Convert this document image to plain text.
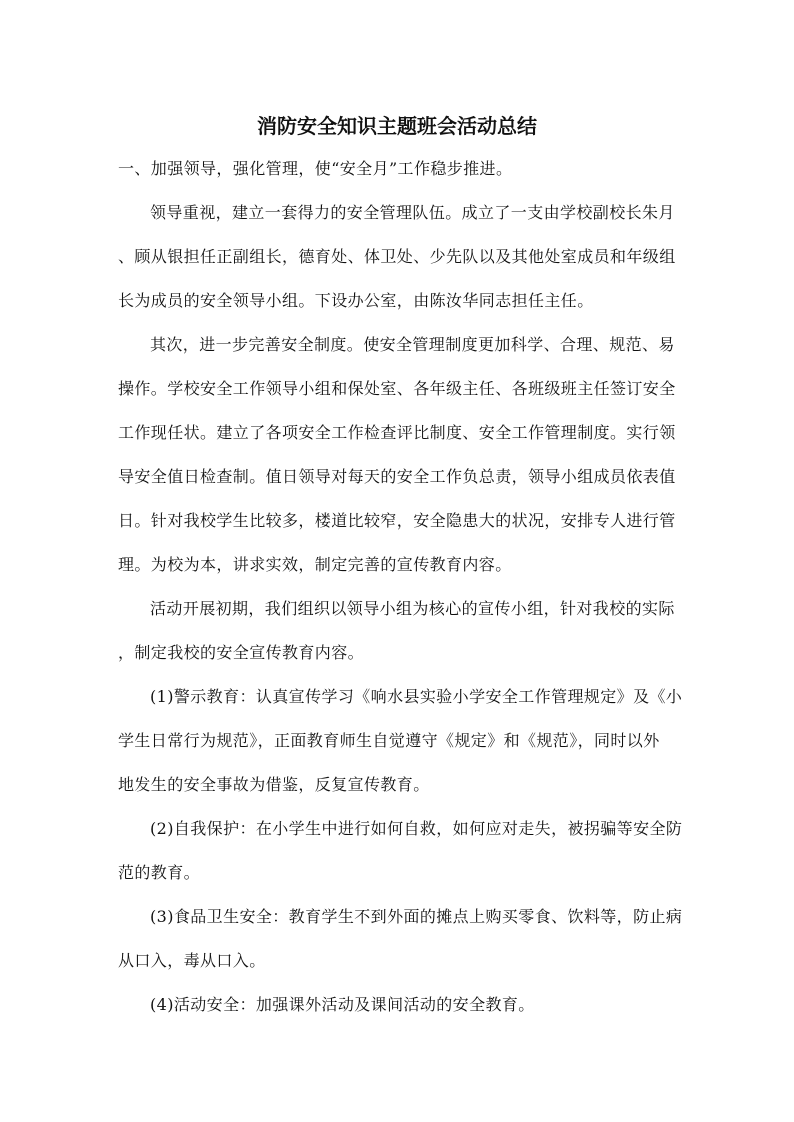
消防安全知识主题班会活动总结
一、加强领导，强化管理，使“安全月”工作稳步推进。
领导重视，建立一套得力的安全管理队伍。成立了一支由学校副校长朱月
、顾从银担任正副组长，德育处、体卫处、少先队以及其他处室成员和年级组
长为成员的安全领导小组。下设办公室，由陈汝华同志担任主任。
其次，进一步完善安全制度。使安全管理制度更加科学、合理、规范、易
操作。学校安全工作领导小组和保处室、各年级主任、各班级班主任签订安全
工作现任状。建立了各项安全工作检查评比制度、安全工作管理制度。实行领
导安全值日检查制。值日领导对每天的安全工作负总责，领导小组成员依表值
日。针对我校学生比较多，楼道比较窄，安全隐患大的状况，安排专人进行管
理。为校为本，讲求实效，制定完善的宣传教育内容。
活动开展初期，我们组织以领导小组为核心的宣传小组，针对我校的实际
，制定我校的安全宣传教育内容。
(1)警示教育：认真宣传学习《响水县实验小学安全工作管理规定》及《小
学生日常行为规范》，正面教育师生自觉遵守《规定》和《规范》，同时以外
地发生的安全事故为借鉴，反复宣传教育。
(2)自我保护：在小学生中进行如何自救，如何应对走失，被拐骗等安全防
范的教育。
(3)食品卫生安全：教育学生不到外面的摊点上购买零食、饮料等，防止病
从口入，毒从口入。
(4)活动安全：加强课外活动及课间活动的安全教育。
